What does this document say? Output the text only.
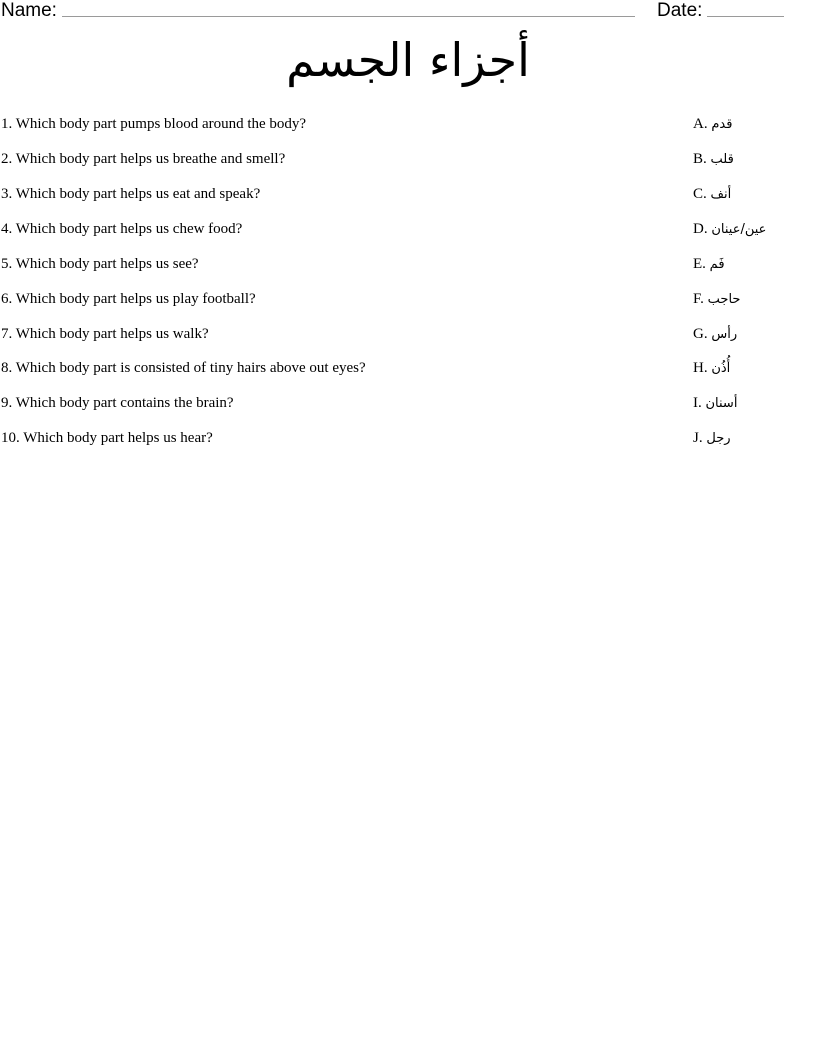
Name:	Date:
أجزاء الجسم
1. Which body part pumps blood around the body?
2. Which body part helps us breathe and smell?
3. Which body part helps us eat and speak?
4. Which body part helps us chew food?
5. Which body part helps us see?
6. Which body part helps us play football?
7. Which body part helps us walk?
8. Which body part is consisted of tiny hairs above out eyes?
9. Which body part contains the brain?
10. Which body part helps us hear?
A. قدم
B. قلب
C. أنف
D. عين/عينان
E. فَم
F. حاجب
G. رأس
H. أُذُن
I. أسنان
J. رجل
